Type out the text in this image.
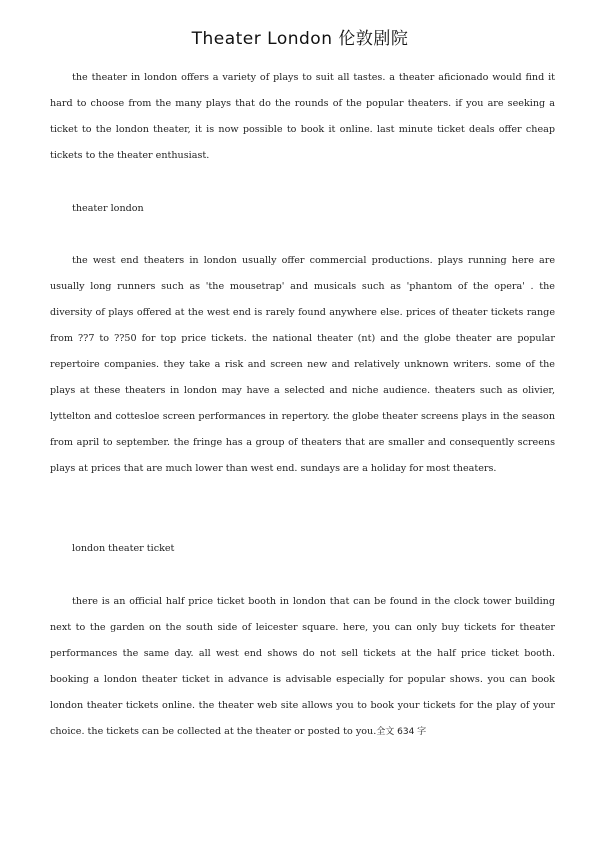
Theater London 伦敦剧院

the theater in london offers a variety of plays to suit all tastes. a theater aficionado would find it hard to choose from the many plays that do the rounds of the popular theaters. if you are seeking a ticket to the london theater, it is now possible to book it online. last minute ticket deals offer cheap tickets to the theater enthusiast.

theater london

the west end theaters in london usually offer commercial productions. plays running here are usually long runners such as 'the mousetrap' and musicals such as 'phantom of the opera' . the diversity of plays offered at the west end is rarely found anywhere else. prices of theater tickets range from ??7 to ??50 for top price tickets. the national theater (nt) and the globe theater are popular repertoire companies. they take a risk and screen new and relatively unknown writers. some of the plays at these theaters in london may have a selected and niche audience. theaters such as olivier, lyttelton and cottesloe screen performances in repertory. the globe theater screens plays in the season from april to september. the fringe has a group of theaters that are smaller and consequently screens plays at prices that are much lower than west end. sundays are a holiday for most theaters.

london theater ticket

there is an official half price ticket booth in london that can be found in the clock tower building next to the garden on the south side of leicester square. here, you can only buy tickets for theater performances the same day. all west end shows do not sell tickets at the half price ticket booth. booking a london theater ticket in advance is advisable especially for popular shows. you can book london theater tickets online. the theater web site allows you to book your tickets for the play of your choice. the tickets can be collected at the theater or posted to you.全文 634 字
